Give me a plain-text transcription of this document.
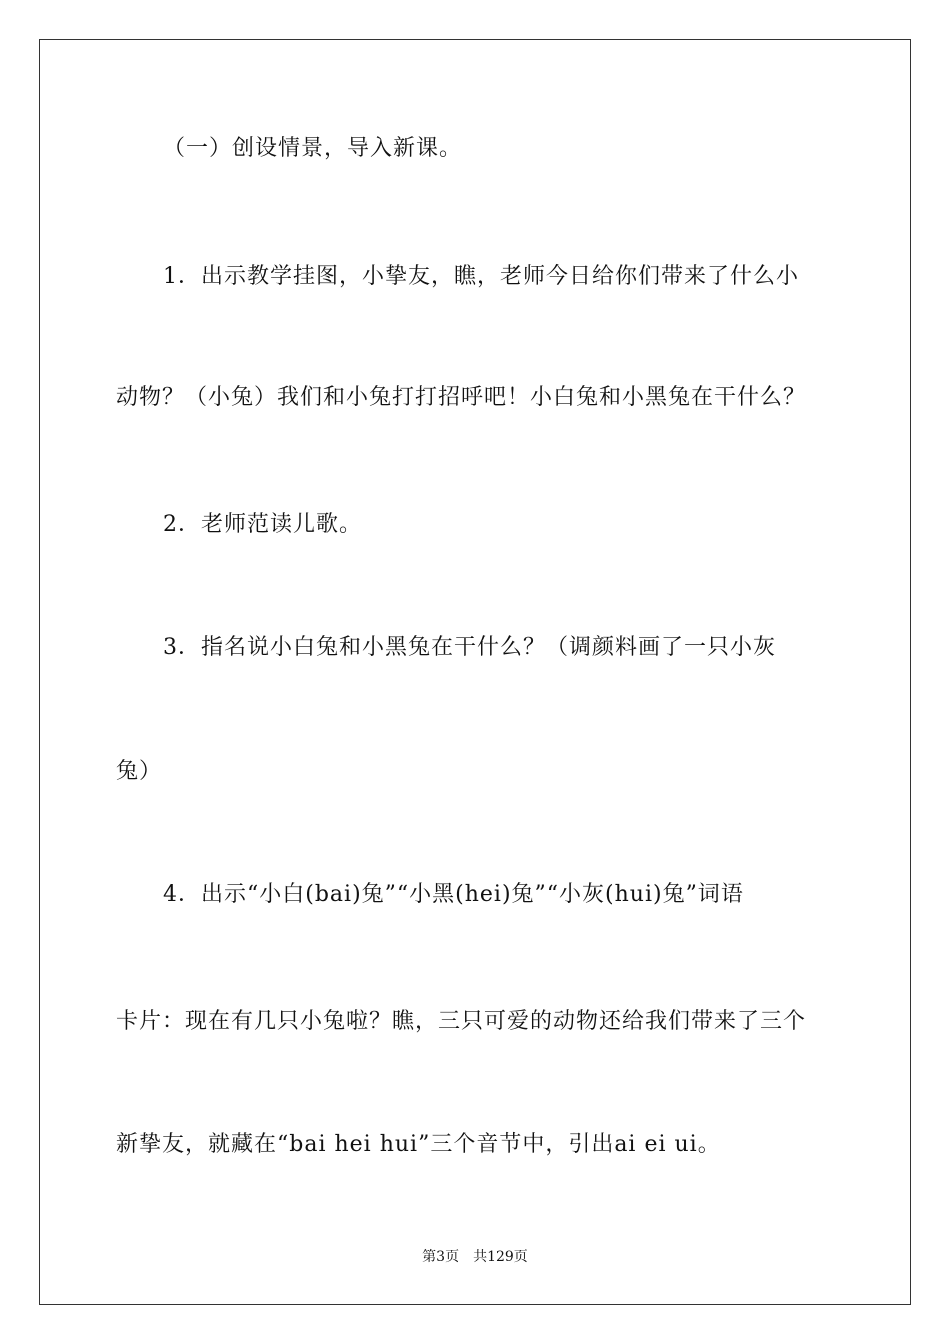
（一）创设情景，导入新课。
1．出示教学挂图，小挚友，瞧，老师今日给你们带来了什么小
动物？（小兔）我们和小兔打打招呼吧！小白兔和小黑兔在干什么？
2．老师范读儿歌。
3．指名说小白兔和小黑兔在干什么？（调颜料画了一只小灰
兔）
4．出示“小白(bai)兔”“小黑(hei)兔”“小灰(hui)兔”词语
卡片：现在有几只小兔啦？瞧，三只可爱的动物还给我们带来了三个
新挚友，就藏在“bai hei hui”三个音节中，引出ai ei ui。
第3页　共129页
